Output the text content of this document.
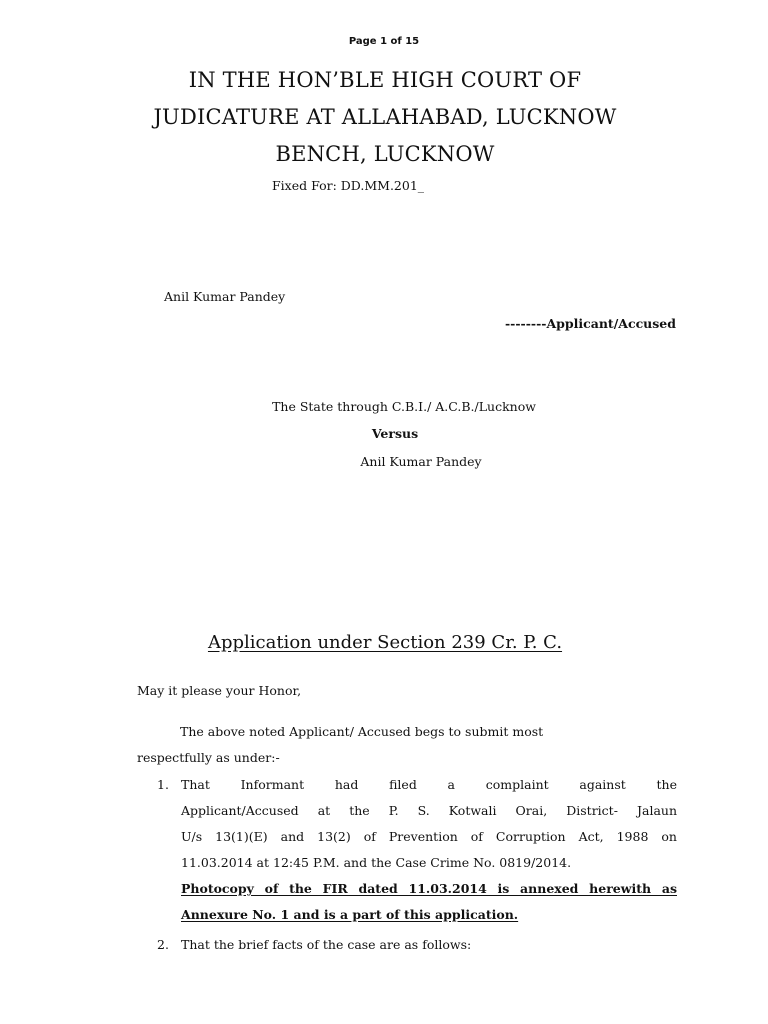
Page 1 of 15
IN THE HON’BLE HIGH COURT OF
JUDICATURE AT ALLAHABAD, LUCKNOW
BENCH, LUCKNOW
Fixed For: DD.MM.201_
Anil Kumar Pandey
--------Applicant/Accused
The State through C.B.I./ A.C.B./Lucknow
Versus
Anil Kumar Pandey
Application under Section 239 Cr. P. C.
May it please your Honor,
The above noted Applicant/ Accused begs to submit most
respectfully as under:-
1. That Informant had filed a complaint against the
Applicant/Accused at the P. S. Kotwali Orai, District- Jalaun
U/s 13(1)(E) and 13(2) of Prevention of Corruption Act, 1988 on
11.03.2014 at 12:45 P.M. and the Case Crime No. 0819/2014.
Photocopy of the FIR dated 11.03.2014 is annexed herewith as
Annexure No. 1 and is a part of this application.
2. That the brief facts of the case are as follows:
